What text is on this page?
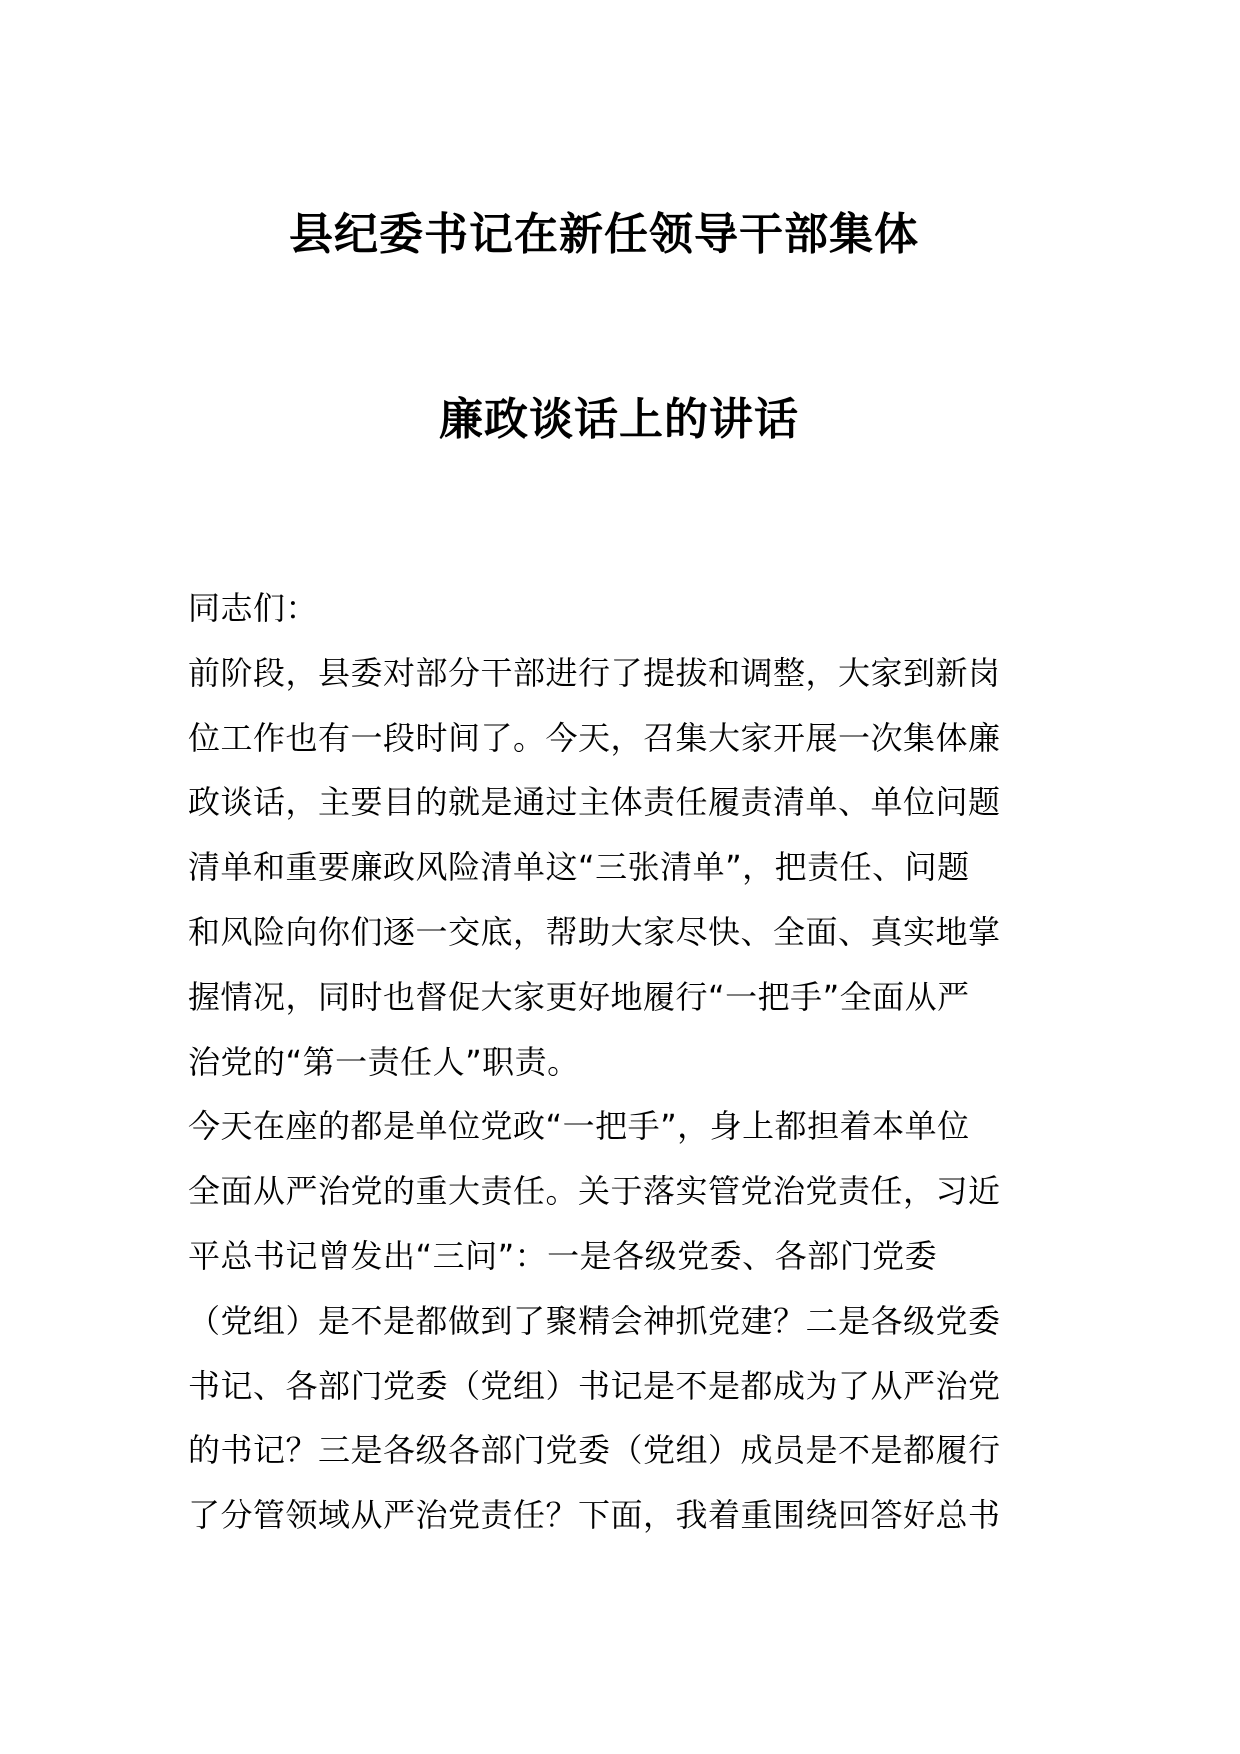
县纪委书记在新任领导干部集体
廉政谈话上的讲话
同志们：
前阶段，县委对部分干部进行了提拔和调整，大家到新岗
位工作也有一段时间了。今天，召集大家开展一次集体廉
政谈话，主要目的就是通过主体责任履责清单、单位问题
清单和重要廉政风险清单这“三张清单”，把责任、问题
和风险向你们逐一交底，帮助大家尽快、全面、真实地掌
握情况，同时也督促大家更好地履行“一把手”全面从严
治党的“第一责任人”职责。
今天在座的都是单位党政“一把手”，身上都担着本单位
全面从严治党的重大责任。关于落实管党治党责任，习近
平总书记曾发出“三问”：一是各级党委、各部门党委
（党组）是不是都做到了聚精会神抓党建？二是各级党委
书记、各部门党委（党组）书记是不是都成为了从严治党
的书记？三是各级各部门党委（党组）成员是不是都履行
了分管领域从严治党责任？下面，我着重围绕回答好总书
